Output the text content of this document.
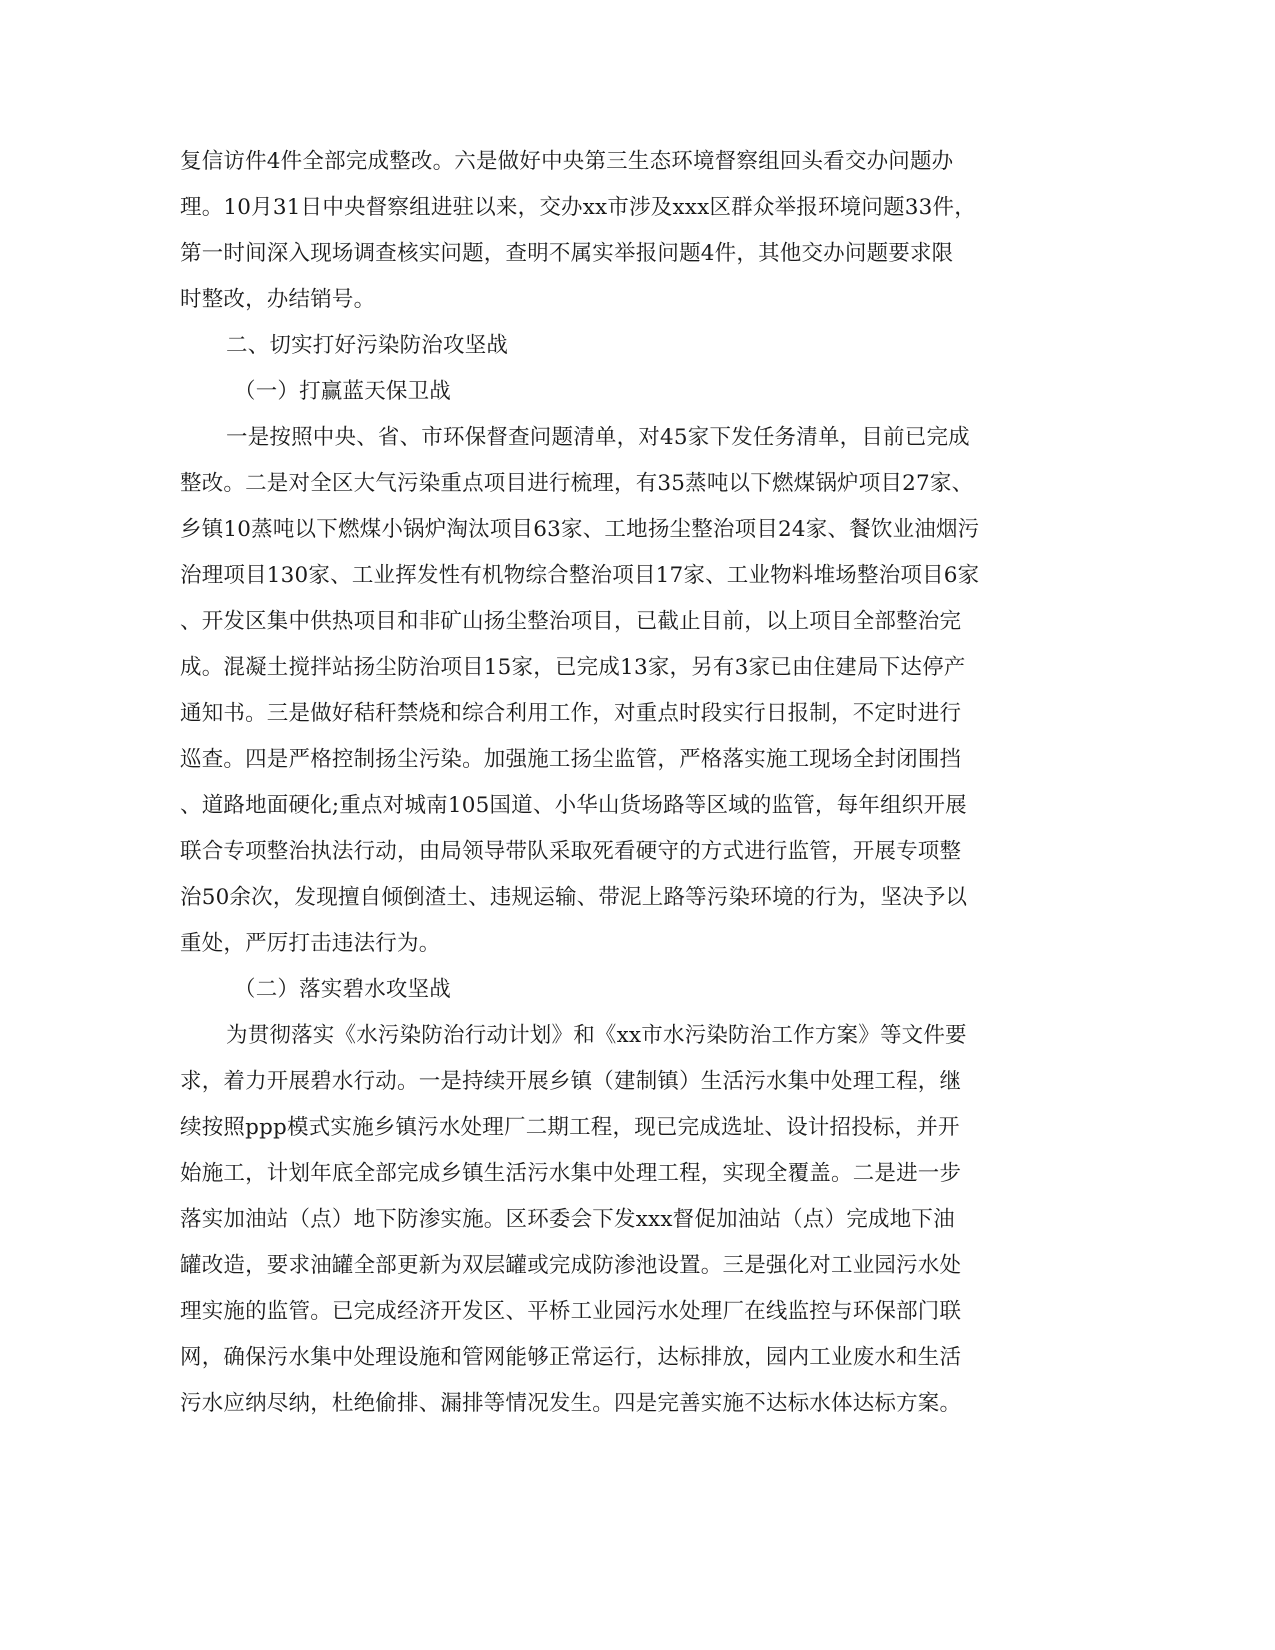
复信访件4件全部完成整改。六是做好中央第三生态环境督察组回头看交办问题办
理。10月31日中央督察组进驻以来，交办xx市涉及xxx区群众举报环境问题33件，
第一时间深入现场调查核实问题，查明不属实举报问题4件，其他交办问题要求限
时整改，办结销号。
二、切实打好污染防治攻坚战
（一）打赢蓝天保卫战
一是按照中央、省、市环保督查问题清单，对45家下发任务清单，目前已完成
整改。二是对全区大气污染重点项目进行梳理，有35蒸吨以下燃煤锅炉项目27家、
乡镇10蒸吨以下燃煤小锅炉淘汰项目63家、工地扬尘整治项目24家、餐饮业油烟污
治理项目130家、工业挥发性有机物综合整治项目17家、工业物料堆场整治项目6家
、开发区集中供热项目和非矿山扬尘整治项目，已截止目前，以上项目全部整治完
成。混凝土搅拌站扬尘防治项目15家，已完成13家，另有3家已由住建局下达停产
通知书。三是做好秸秆禁烧和综合利用工作，对重点时段实行日报制，不定时进行
巡查。四是严格控制扬尘污染。加强施工扬尘监管，严格落实施工现场全封闭围挡
、道路地面硬化;重点对城南105国道、小华山货场路等区域的监管，每年组织开展
联合专项整治执法行动，由局领导带队采取死看硬守的方式进行监管，开展专项整
治50余次，发现擅自倾倒渣土、违规运输、带泥上路等污染环境的行为，坚决予以
重处，严厉打击违法行为。
（二）落实碧水攻坚战
为贯彻落实《水污染防治行动计划》和《xx市水污染防治工作方案》等文件要
求，着力开展碧水行动。一是持续开展乡镇（建制镇）生活污水集中处理工程，继
续按照ppp模式实施乡镇污水处理厂二期工程，现已完成选址、设计招投标，并开
始施工，计划年底全部完成乡镇生活污水集中处理工程，实现全覆盖。二是进一步
落实加油站（点）地下防渗实施。区环委会下发xxx督促加油站（点）完成地下油
罐改造，要求油罐全部更新为双层罐或完成防渗池设置。三是强化对工业园污水处
理实施的监管。已完成经济开发区、平桥工业园污水处理厂在线监控与环保部门联
网，确保污水集中处理设施和管网能够正常运行，达标排放，园内工业废水和生活
污水应纳尽纳，杜绝偷排、漏排等情况发生。四是完善实施不达标水体达标方案。
